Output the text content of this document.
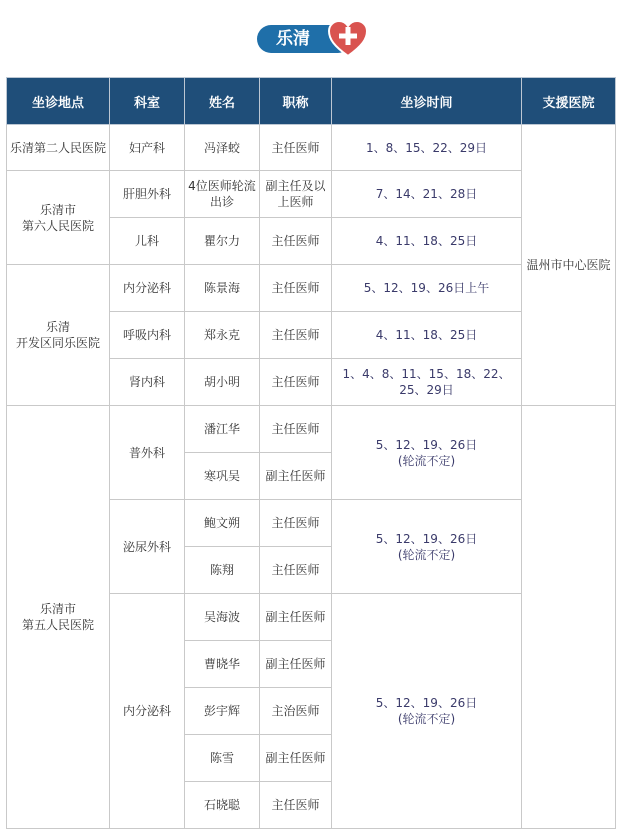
乐清
坐诊地点	科室	姓名	职称	坐诊时间	支援医院
乐清第二人民医院	妇产科	冯泽蛟	主任医师	1、8、15、22、29日	温州市中心医院
乐清市
第六人民医院	肝胆外科	4位医师轮流出诊	副主任及以上医师	7、14、21、28日	
	儿科	瞿尔力	主任医师	4、11、18、25日	
乐清
开发区同乐医院	内分泌科	陈景海	主任医师	5、12、19、26日上午	
	呼吸内科	郑永克	主任医师	4、11、18、25日	
	肾内科	胡小明	主任医师	1、4、8、11、15、18、22、25、29日	
乐清市
第五人民医院	普外科	潘江华	主任医师	5、12、19、26日
(轮流不定)	
		寒巩吴	副主任医师		
	泌尿外科	鲍文朔	主任医师	5、12、19、26日
(轮流不定)	
		陈翔	主任医师		
	内分泌科	吴海波	副主任医师	5、12、19、26日
(轮流不定)	
		曹晓华	副主任医师		
		彭宇辉	主治医师		
		陈雪	副主任医师		
		石晓聪	主任医师		
